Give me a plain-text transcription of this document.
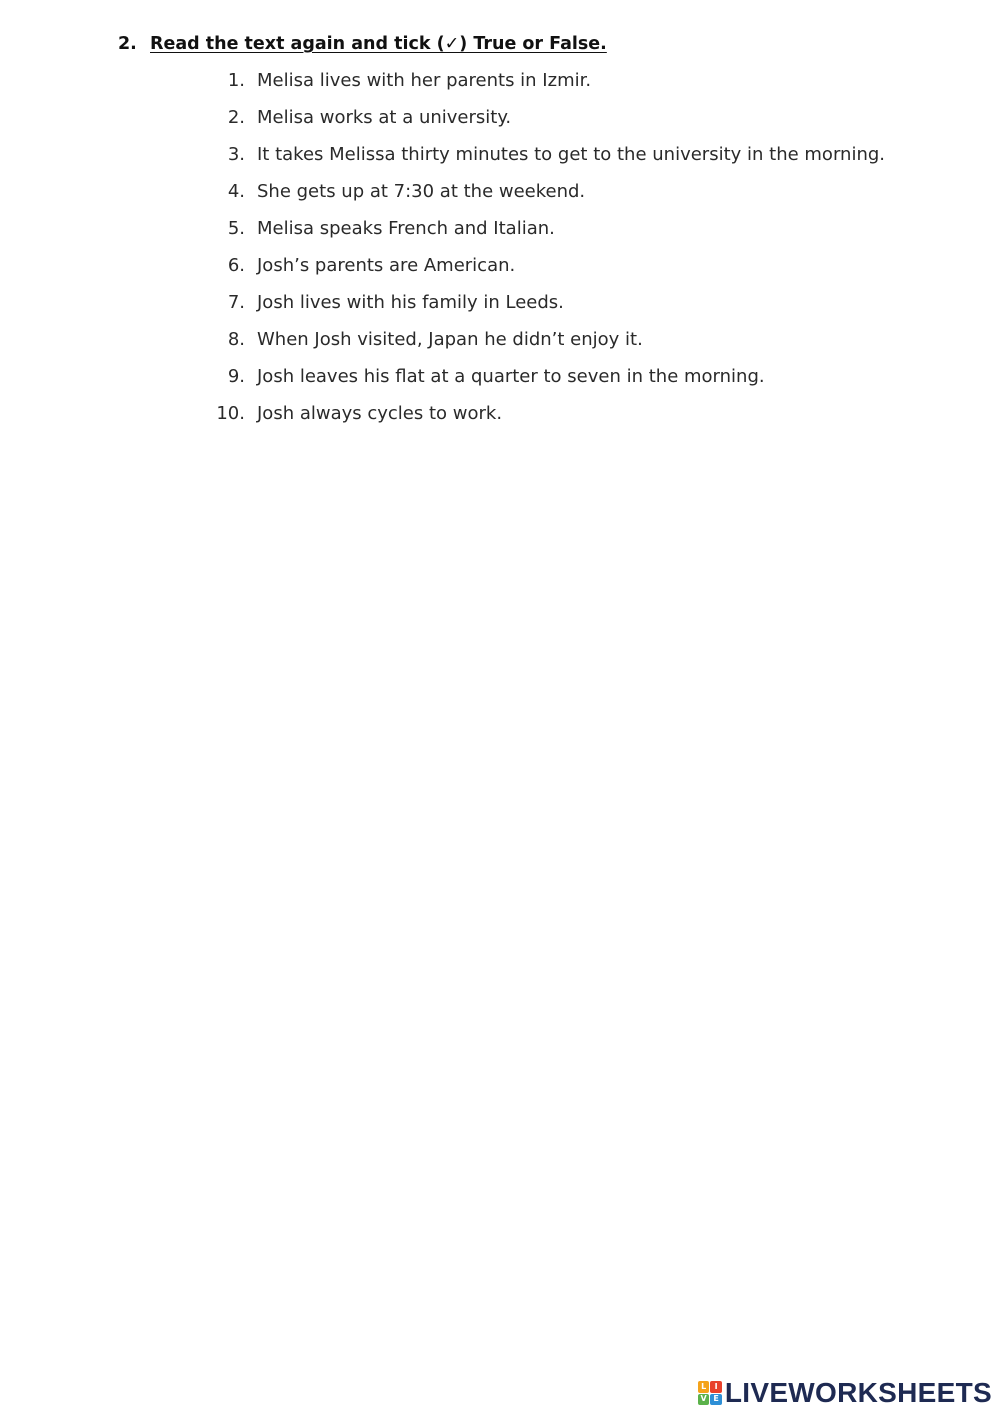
2. Read the text again and tick (✓) True or False.
1. Melisa lives with her parents in Izmir.
2. Melisa works at a university.
3. It takes Melissa thirty minutes to get to the university in the morning.
4. She gets up at 7:30 at the weekend.
5. Melisa speaks French and Italian.
6. Josh’s parents are American.
7. Josh lives with his family in Leeds.
8. When Josh visited, Japan he didn’t enjoy it.
9. Josh leaves his flat at a quarter to seven in the morning.
10. Josh always cycles to work.
L	I
V E LIVEWORKSHEETS
